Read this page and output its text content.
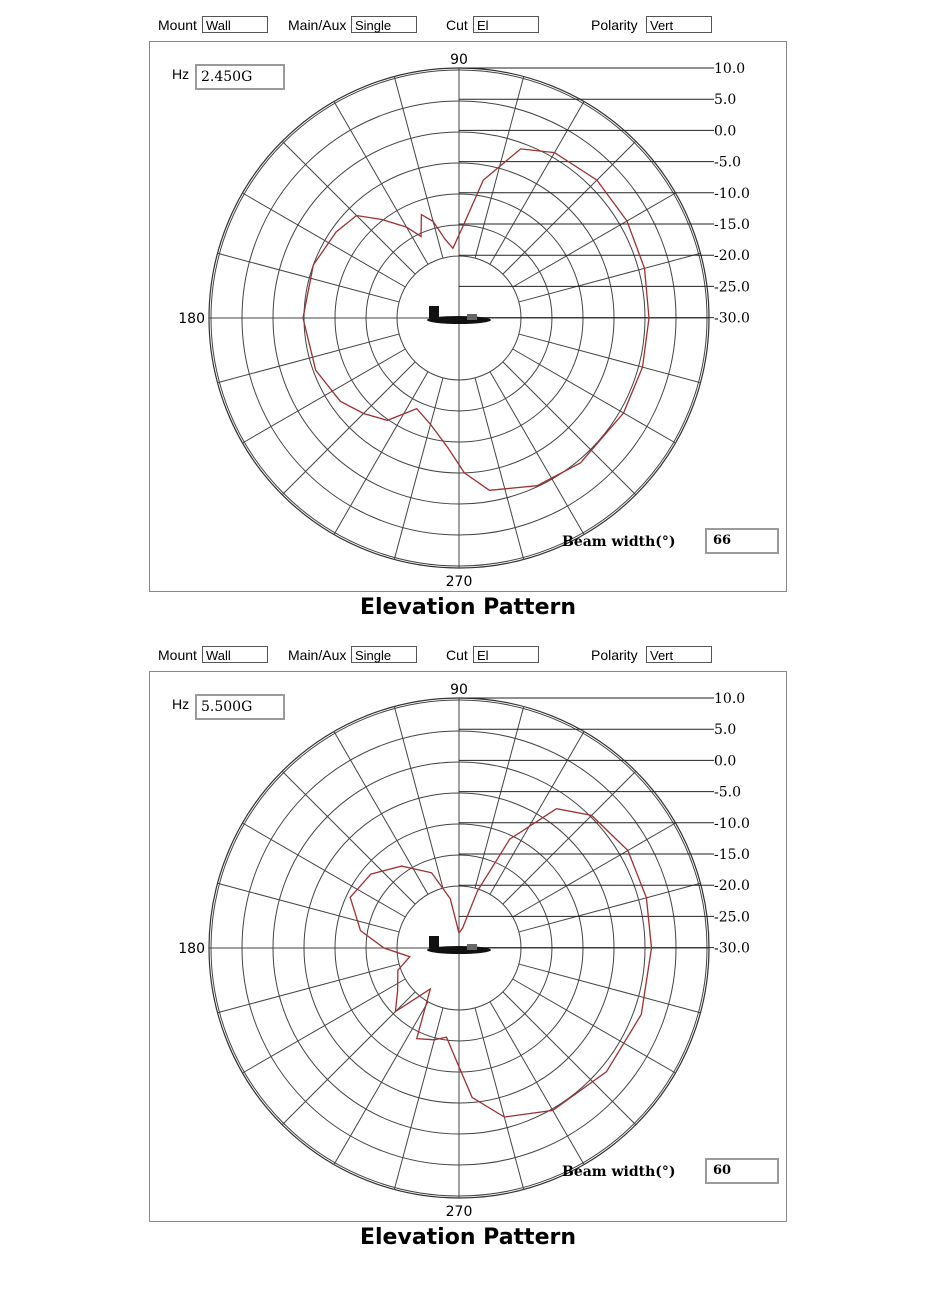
Mount Wall	Main/Aux Single	Cut El	Polarity Vert
10.0
5.0
0.0
-5.0
-10.0
-15.0
-20.0
-25.0
-30.0
90
180
270
Hz 2.450G
Beam width(°)	66
Elevation Pattern
Mount Wall	Main/Aux Single	Cut El	Polarity Vert
10.0
5.0
0.0
-5.0
-10.0
-15.0
-20.0
-25.0
-30.0
90
180
270
Hz 5.500G
Beam width(°)	60
Elevation Pattern
